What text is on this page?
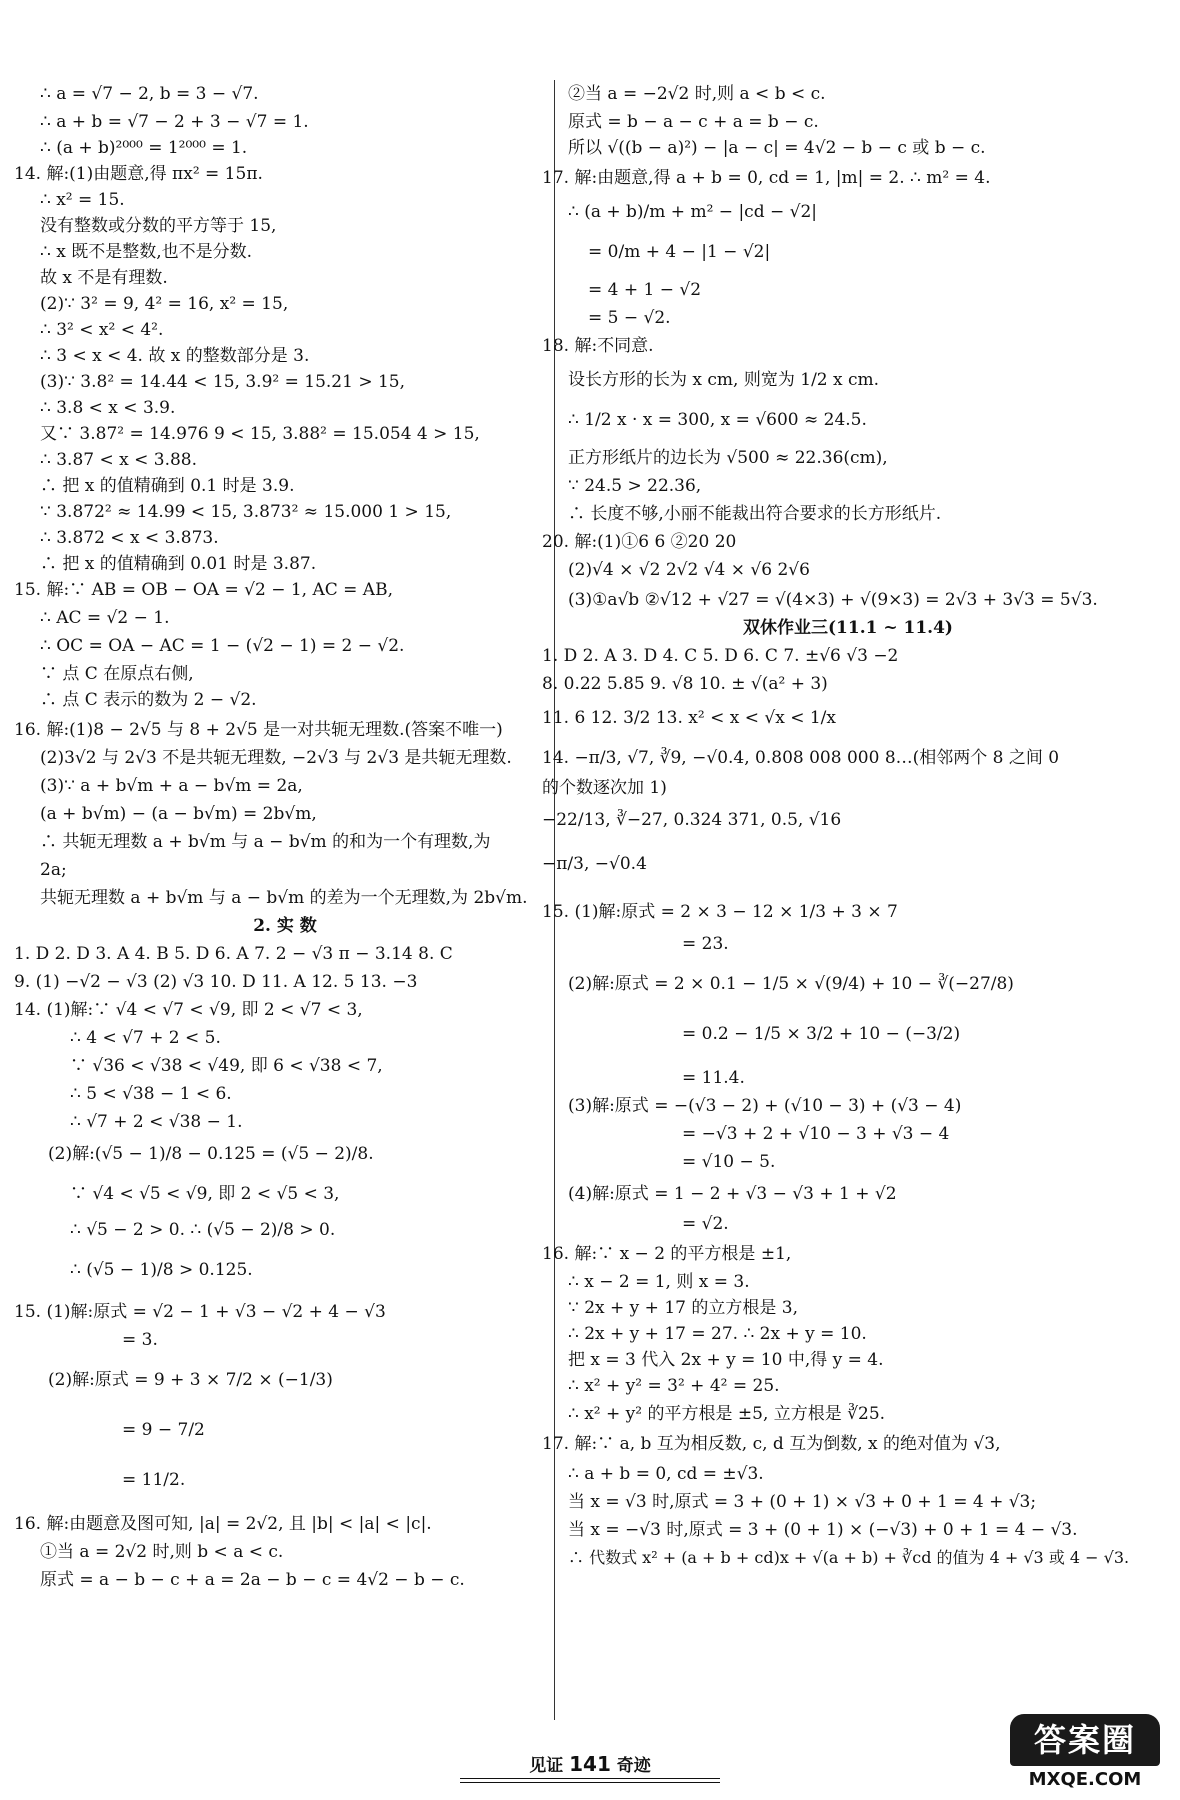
∴ a = √7 − 2, b = 3 − √7.
∴ a + b = √7 − 2 + 3 − √7 = 1.
∴ (a + b)²⁰⁰⁰ = 1²⁰⁰⁰ = 1.
14. 解:(1)由题意,得 πx² = 15π.
∴ x² = 15.
没有整数或分数的平方等于 15,
∴ x 既不是整数,也不是分数.
故 x 不是有理数.
(2)∵ 3² = 9, 4² = 16, x² = 15,
∴ 3² < x² < 4².
∴ 3 < x < 4. 故 x 的整数部分是 3.
(3)∵ 3.8² = 14.44 < 15, 3.9² = 15.21 > 15,
∴ 3.8 < x < 3.9.
又∵ 3.87² = 14.976 9 < 15, 3.88² = 15.054 4 > 15,
∴ 3.87 < x < 3.88.
∴ 把 x 的值精确到 0.1 时是 3.9.
∵ 3.872² ≈ 14.99 < 15, 3.873² ≈ 15.000 1 > 15,
∴ 3.872 < x < 3.873.
∴ 把 x 的值精确到 0.01 时是 3.87.
15. 解:∵ AB = OB − OA = √2 − 1, AC = AB,
∴ AC = √2 − 1.
∴ OC = OA − AC = 1 − (√2 − 1) = 2 − √2.
∵ 点 C 在原点右侧,
∴ 点 C 表示的数为 2 − √2.
16. 解:(1)8 − 2√5 与 8 + 2√5 是一对共轭无理数.(答案不唯一)
(2)3√2 与 2√3 不是共轭无理数, −2√3 与 2√3 是共轭无理数.
(3)∵ a + b√m + a − b√m = 2a,
(a + b√m) − (a − b√m) = 2b√m,
∴ 共轭无理数 a + b√m 与 a − b√m 的和为一个有理数,为
2a;
共轭无理数 a + b√m 与 a − b√m 的差为一个无理数,为 2b√m.
2. 实 数
1. D 2. D 3. A 4. B 5. D 6. A 7. 2 − √3 π − 3.14 8. C
9. (1) −√2 − √3 (2) √3 10. D 11. A 12. 5 13. −3
14. (1)解:∵ √4 < √7 < √9, 即 2 < √7 < 3,
∴ 4 < √7 + 2 < 5.
∵ √36 < √38 < √49, 即 6 < √38 < 7,
∴ 5 < √38 − 1 < 6.
∴ √7 + 2 < √38 − 1.
(2)解:(√5 − 1)/8 − 0.125 = (√5 − 2)/8.
∵ √4 < √5 < √9, 即 2 < √5 < 3,
∴ √5 − 2 > 0. ∴ (√5 − 2)/8 > 0.
∴ (√5 − 1)/8 > 0.125.
15. (1)解:原式 = √2 − 1 + √3 − √2 + 4 − √3
= 3.
(2)解:原式 = 9 + 3 × 7/2 × (−1/3)
= 9 − 7/2
= 11/2.
16. 解:由题意及图可知, |a| = 2√2, 且 |b| < |a| < |c|.
①当 a = 2√2 时,则 b < a < c.
原式 = a − b − c + a = 2a − b − c = 4√2 − b − c.
②当 a = −2√2 时,则 a < b < c.
原式 = b − a − c + a = b − c.
所以 √((b − a)²) − |a − c| = 4√2 − b − c 或 b − c.
17. 解:由题意,得 a + b = 0, cd = 1, |m| = 2. ∴ m² = 4.
∴ (a + b)/m + m² − |cd − √2|
= 0/m + 4 − |1 − √2|
= 4 + 1 − √2
= 5 − √2.
18. 解:不同意.
设长方形的长为 x cm, 则宽为 1/2 x cm.
∴ 1/2 x · x = 300, x = √600 ≈ 24.5.
正方形纸片的边长为 √500 ≈ 22.36(cm),
∵ 24.5 > 22.36,
∴ 长度不够,小丽不能裁出符合要求的长方形纸片.
20. 解:(1)①6 6 ②20 20
(2)√4 × √2 2√2 √4 × √6 2√6
(3)①a√b ②√12 + √27 = √(4×3) + √(9×3) = 2√3 + 3√3 = 5√3.
双休作业三(11.1 ~ 11.4)
1. D 2. A 3. D 4. C 5. D 6. C 7. ±√6 √3 −2
8. 0.22 5.85 9. √8 10. ± √(a² + 3)
11. 6 12. 3/2 13. x² < x < √x < 1/x
14. −π/3, √7, ∛9, −√0.4, 0.808 008 000 8…(相邻两个 8 之间 0
的个数逐次加 1)
−22/13, ∛−27, 0.324 371, 0.5, √16
−π/3, −√0.4
15. (1)解:原式 = 2 × 3 − 12 × 1/3 + 3 × 7
= 23.
(2)解:原式 = 2 × 0.1 − 1/5 × √(9/4) + 10 − ∛(−27/8)
= 0.2 − 1/5 × 3/2 + 10 − (−3/2)
= 11.4.
(3)解:原式 = −(√3 − 2) + (√10 − 3) + (√3 − 4)
= −√3 + 2 + √10 − 3 + √3 − 4
= √10 − 5.
(4)解:原式 = 1 − 2 + √3 − √3 + 1 + √2
= √2.
16. 解:∵ x − 2 的平方根是 ±1,
∴ x − 2 = 1, 则 x = 3.
∵ 2x + y + 17 的立方根是 3,
∴ 2x + y + 17 = 27. ∴ 2x + y = 10.
把 x = 3 代入 2x + y = 10 中,得 y = 4.
∴ x² + y² = 3² + 4² = 25.
∴ x² + y² 的平方根是 ±5, 立方根是 ∛25.
17. 解:∵ a, b 互为相反数, c, d 互为倒数, x 的绝对值为 √3,
∴ a + b = 0, cd = ±√3.
当 x = √3 时,原式 = 3 + (0 + 1) × √3 + 0 + 1 = 4 + √3;
当 x = −√3 时,原式 = 3 + (0 + 1) × (−√3) + 0 + 1 = 4 − √3.
∴ 代数式 x² + (a + b + cd)x + √(a + b) + ∛cd 的值为 4 + √3 或 4 − √3.
见证 141 奇迹
答案圈
MXQE.COM
